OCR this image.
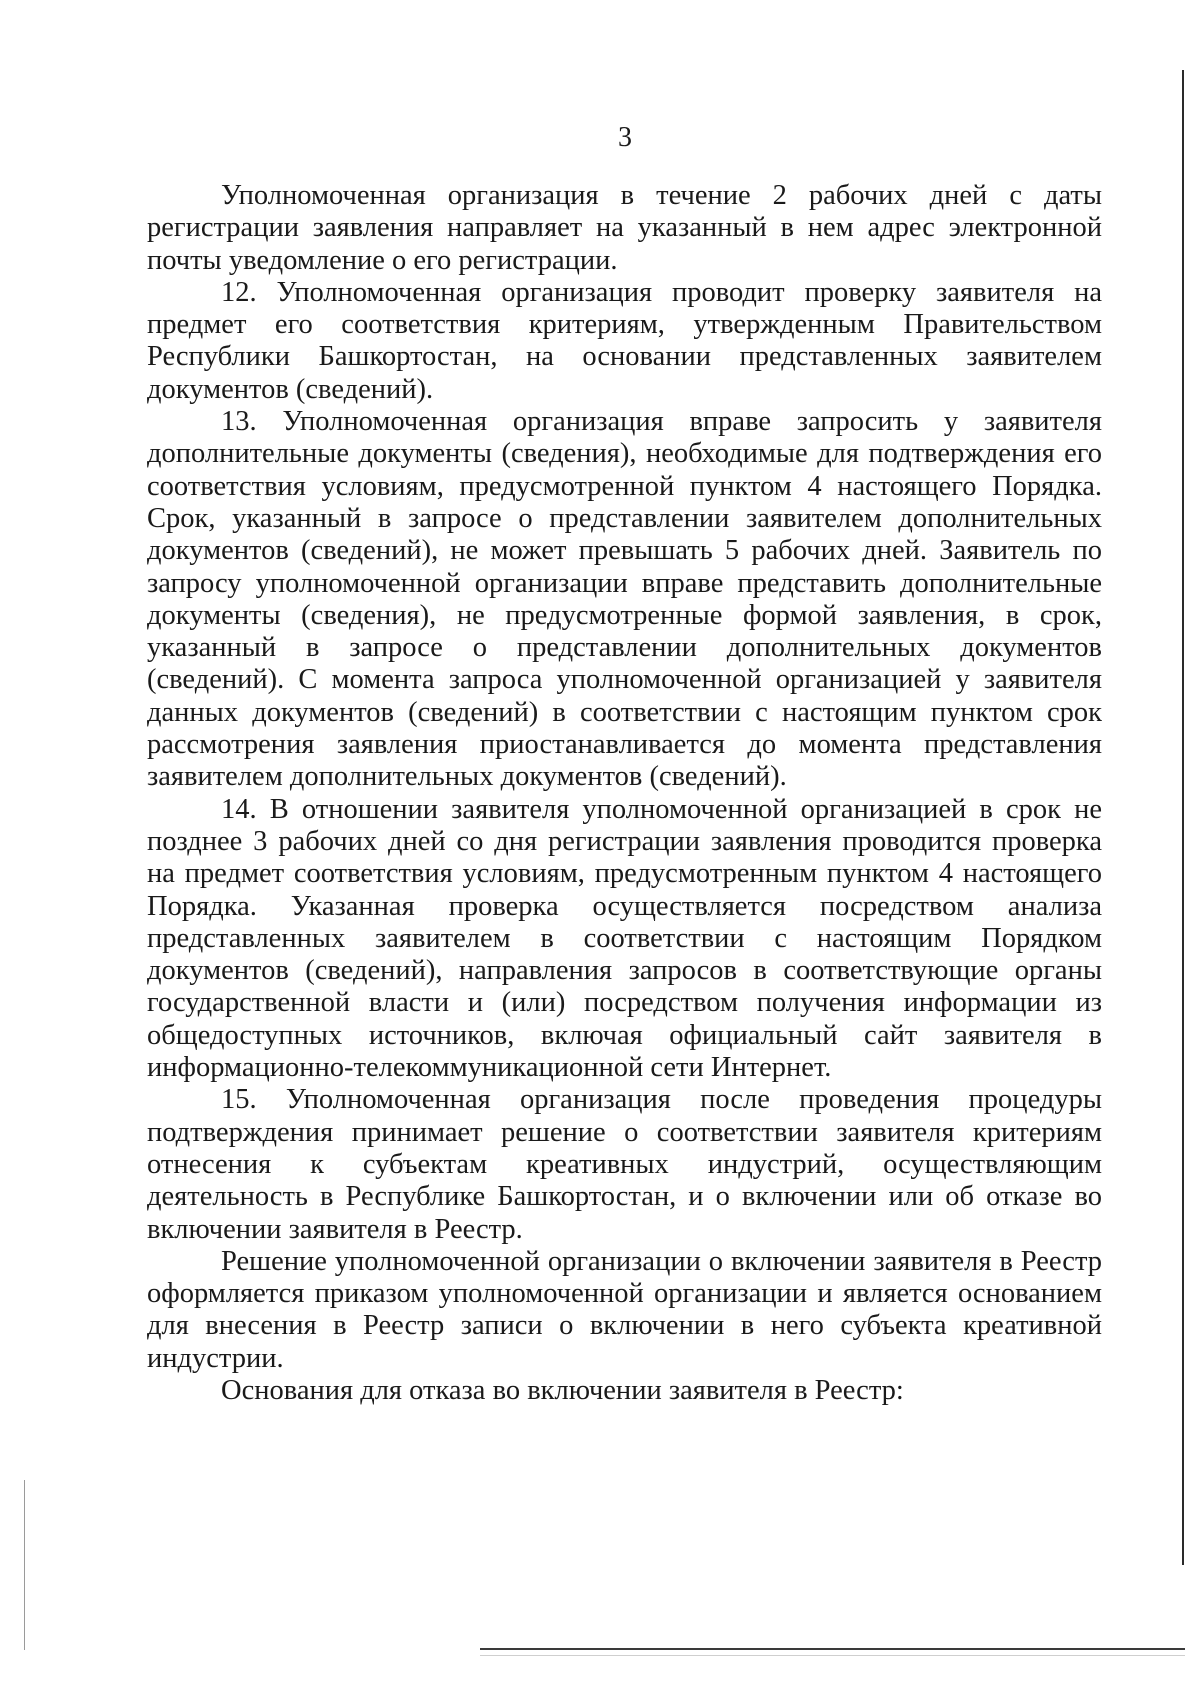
3

Уполномоченная организация в течение 2 рабочих дней с даты регистрации заявления направляет на указанный в нем адрес электронной почты уведомление о его регистрации.

12. Уполномоченная организация проводит проверку заявителя на предмет его соответствия критериям, утвержденным Правительством Республики Башкортостан, на основании представленных заявителем документов (сведений).

13. Уполномоченная организация вправе запросить у заявителя дополнительные документы (сведения), необходимые для подтверждения его соответствия условиям, предусмотренной пунктом 4 настоящего Порядка. Срок, указанный в запросе о представлении заявителем дополнительных документов (сведений), не может превышать 5 рабочих дней. Заявитель по запросу уполномоченной организации вправе представить дополнительные документы (сведения), не предусмотренные формой заявления, в срок, указанный в запросе о представлении дополнительных документов (сведений). С момента запроса уполномоченной организацией у заявителя данных документов (сведений) в соответствии с настоящим пунктом срок рассмотрения заявления приостанавливается до момента представления заявителем дополнительных документов (сведений).

14. В отношении заявителя уполномоченной организацией в срок не позднее 3 рабочих дней со дня регистрации заявления проводится проверка на предмет соответствия условиям, предусмотренным пунктом 4 настоящего Порядка. Указанная проверка осуществляется посредством анализа представленных заявителем в соответствии с настоящим Порядком документов (сведений), направления запросов в соответствующие органы государственной власти и (или) посредством получения информации из общедоступных источников, включая официальный сайт заявителя в информационно-телекоммуникационной сети Интернет.

15. Уполномоченная организация после проведения процедуры подтверждения принимает решение о соответствии заявителя критериям отнесения к субъектам креативных индустрий, осуществляющим деятельность в Республике Башкортостан, и о включении или об отказе во включении заявителя в Реестр.

Решение уполномоченной организации о включении заявителя в Реестр оформляется приказом уполномоченной организации и является основанием для внесения в Реестр записи о включении в него субъекта креативной индустрии.

Основания для отказа во включении заявителя в Реестр:
